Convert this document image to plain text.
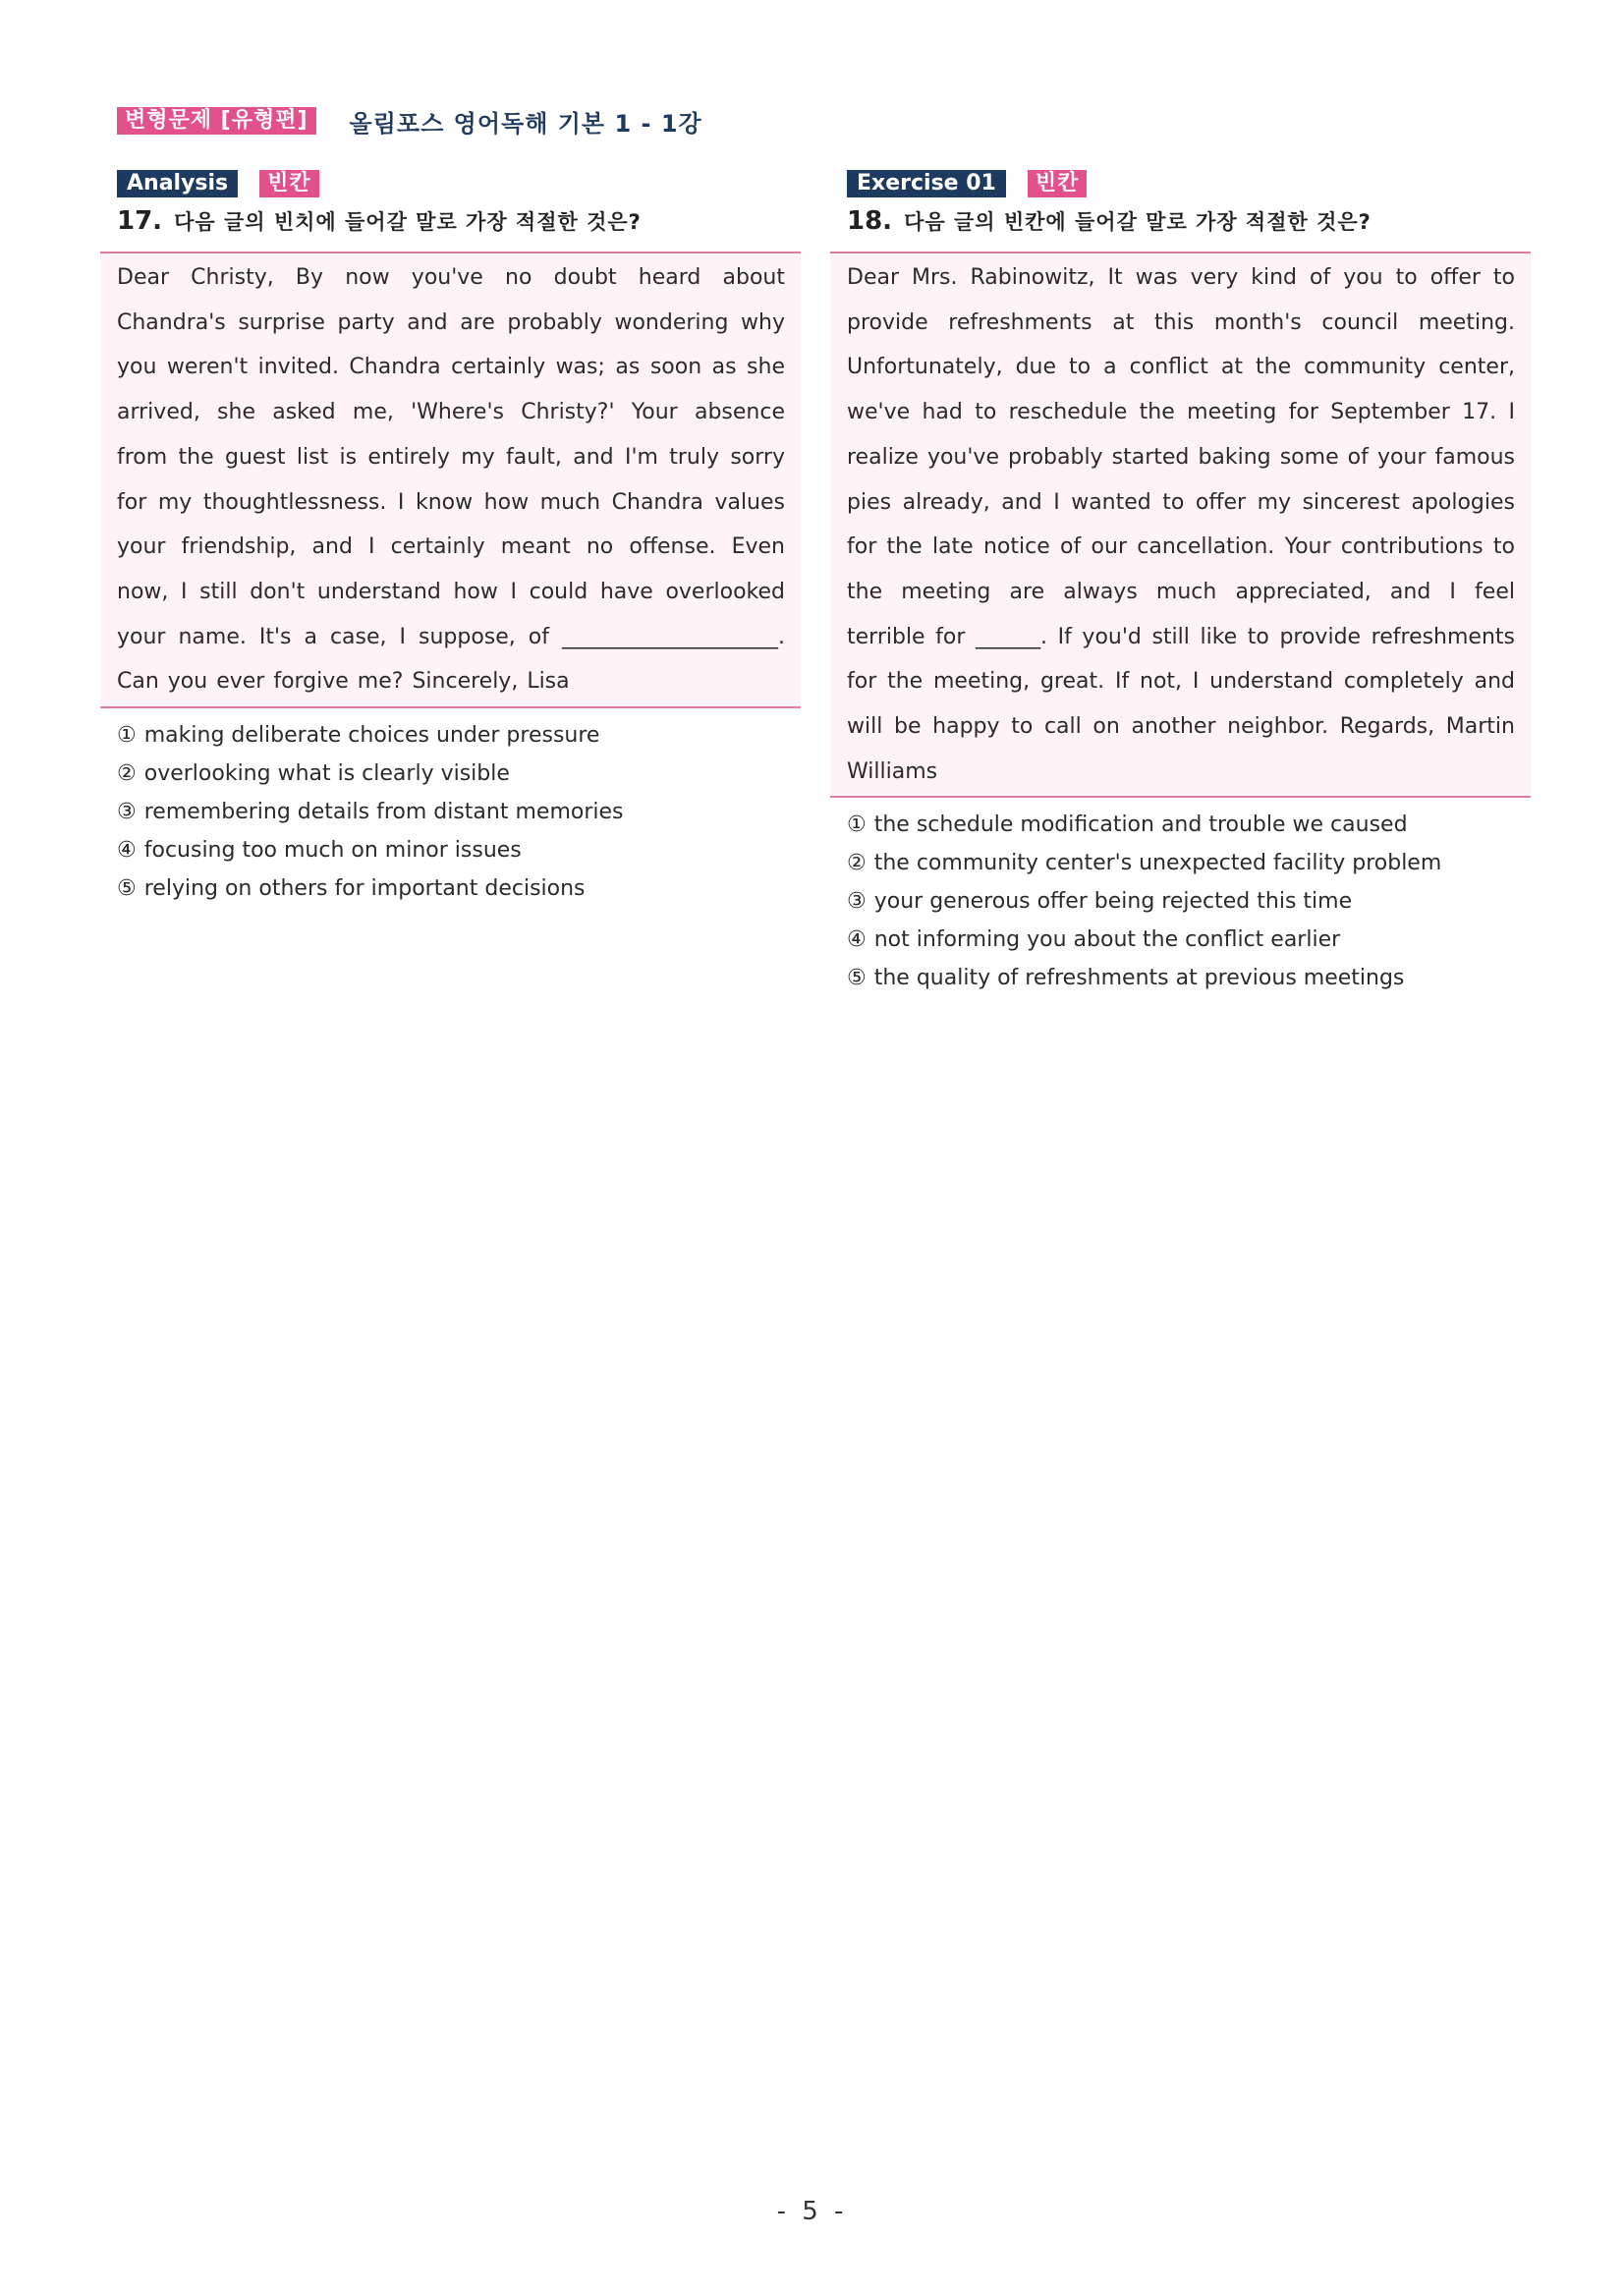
변형문제 [유형편]	올림포스 영어독해 기본 1 - 1강
Analysis	빈칸
17. 다음 글의 빈치에 들어갈 말로 가장 적절한 것은?

Dear Christy, By now you've no doubt heard about Chandra's surprise party and are probably wondering why you weren't invited. Chandra certainly was; as soon as she arrived, she asked me, 'Where's Christy?' Your absence from the guest list is entirely my fault, and I'm truly sorry for my thoughtlessness. I know how much Chandra values your friendship, and I certainly meant no offense. Even now, I still don't understand how I could have overlooked your name. It's a case, I suppose, of ____________________. Can you ever forgive me? Sincerely, Lisa

① making deliberate choices under pressure
② overlooking what is clearly visible
③ remembering details from distant memories
④ focusing too much on minor issues
⑤ relying on others for important decisions
Exercise 01	빈칸
18. 다음 글의 빈칸에 들어갈 말로 가장 적절한 것은?

Dear Mrs. Rabinowitz, It was very kind of you to offer to provide refreshments at this month's council meeting. Unfortunately, due to a conflict at the community center, we've had to reschedule the meeting for September 17. I realize you've probably started baking some of your famous pies already, and I wanted to offer my sincerest apologies for the late notice of our cancellation. Your contributions to the meeting are always much appreciated, and I feel terrible for ______. If you'd still like to provide refreshments for the meeting, great. If not, I understand completely and will be happy to call on another neighbor. Regards, Martin Williams

① the schedule modification and trouble we caused
② the community center's unexpected facility problem
③ your generous offer being rejected this time
④ not informing you about the conflict earlier
⑤ the quality of refreshments at previous meetings
- 5 -
